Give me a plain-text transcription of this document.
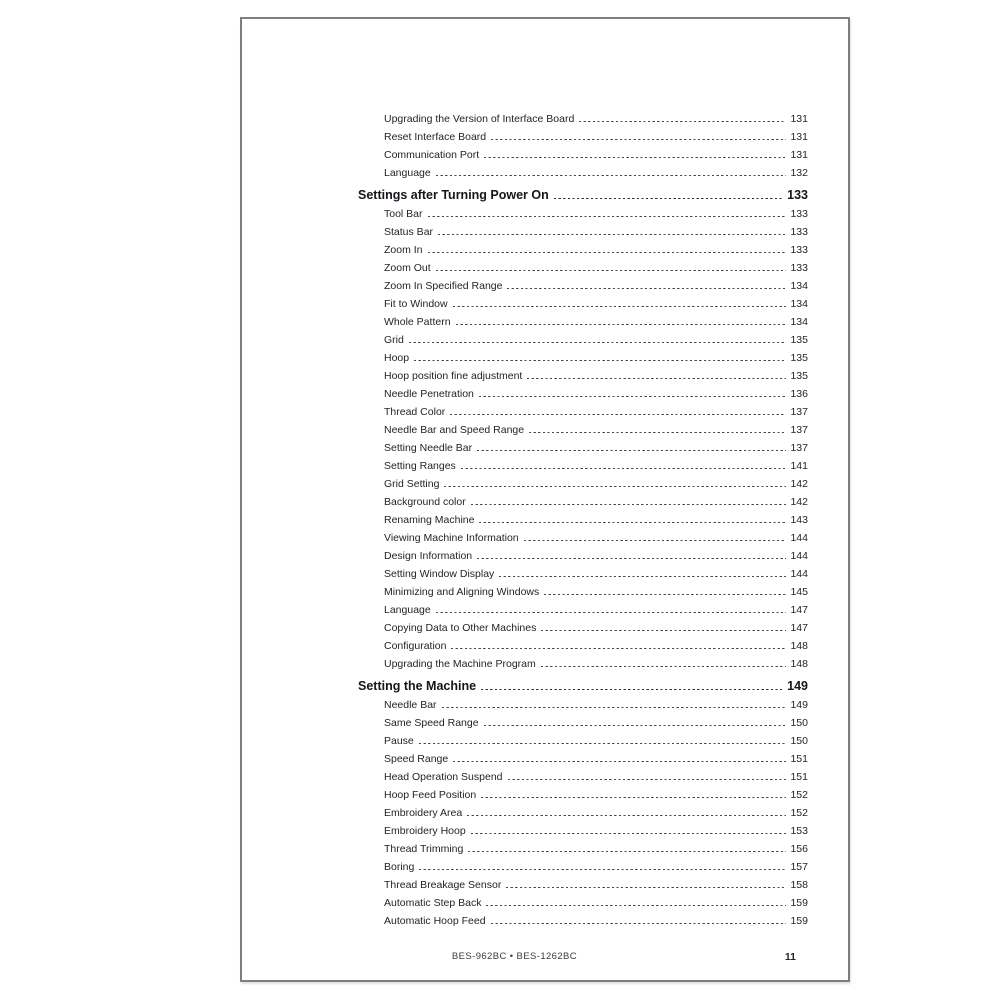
Upgrading the Version of Interface Board	131
Reset Interface Board	131
Communication Port	131
Language	132
Settings after Turning Power On	133
Tool Bar	133
Status Bar	133
Zoom In	133
Zoom Out	133
Zoom In Specified Range	134
Fit to Window	134
Whole Pattern	134
Grid	135
Hoop	135
Hoop position fine adjustment	135
Needle Penetration	136
Thread Color	137
Needle Bar and Speed Range	137
Setting Needle Bar	137
Setting Ranges	141
Grid Setting	142
Background color	142
Renaming Machine	143
Viewing Machine Information	144
Design Information	144
Setting Window Display	144
Minimizing and Aligning Windows	145
Language	147
Copying Data to Other Machines	147
Configuration	148
Upgrading the Machine Program	148
Setting the Machine	149
Needle Bar	149
Same Speed Range	150
Pause	150
Speed Range	151
Head Operation Suspend	151
Hoop Feed Position	152
Embroidery Area	152
Embroidery Hoop	153
Thread Trimming	156
Boring	157
Thread Breakage Sensor	158
Automatic Step Back	159
Automatic Hoop Feed	159
BES-962BC • BES-1262BC	11
